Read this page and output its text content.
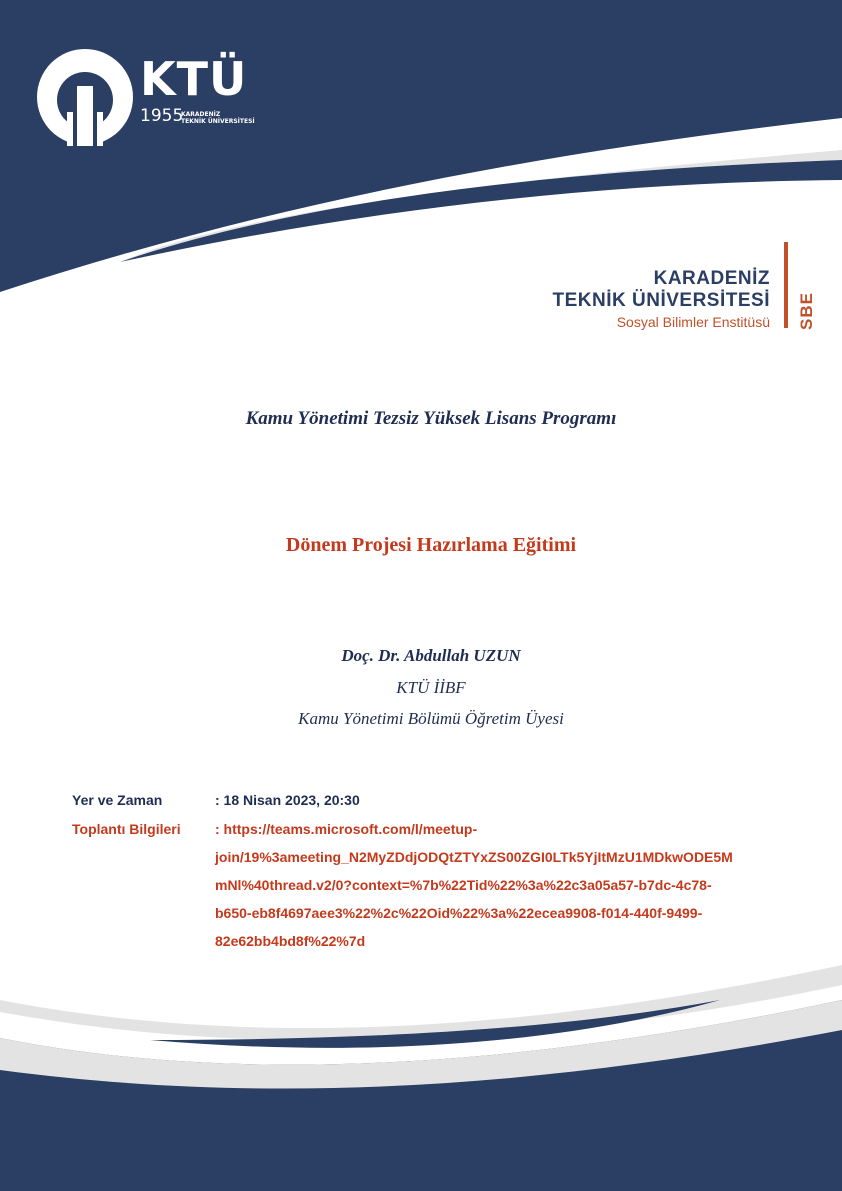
KTÜ
1955
KARADENİZ
TEKNİK ÜNİVERSİTESİ
KARADENİZ
TEKNİK ÜNİVERSİTESİ
Sosyal Bilimler Enstitüsü SBE
Kamu Yönetimi Tezsiz Yüksek Lisans Programı
Dönem Projesi Hazırlama Eğitimi
Doç. Dr. Abdullah UZUN
KTÜ İİBF
Kamu Yönetimi Bölümü Öğretim Üyesi
Yer ve Zaman	: 18 Nisan 2023, 20:30
Toplantı Bilgileri : https://teams.microsoft.com/l/meetup-
join/19%3ameeting_N2MyZDdjODQtZTYxZS00ZGI0LTk5YjItMzU1MDkwODE5M
mNl%40thread.v2/0?context=%7b%22Tid%22%3a%22c3a05a57-b7dc-4c78-
b650-eb8f4697aee3%22%2c%22Oid%22%3a%22ecea9908-f014-440f-9499-
82e62bb4bd8f%22%7d
